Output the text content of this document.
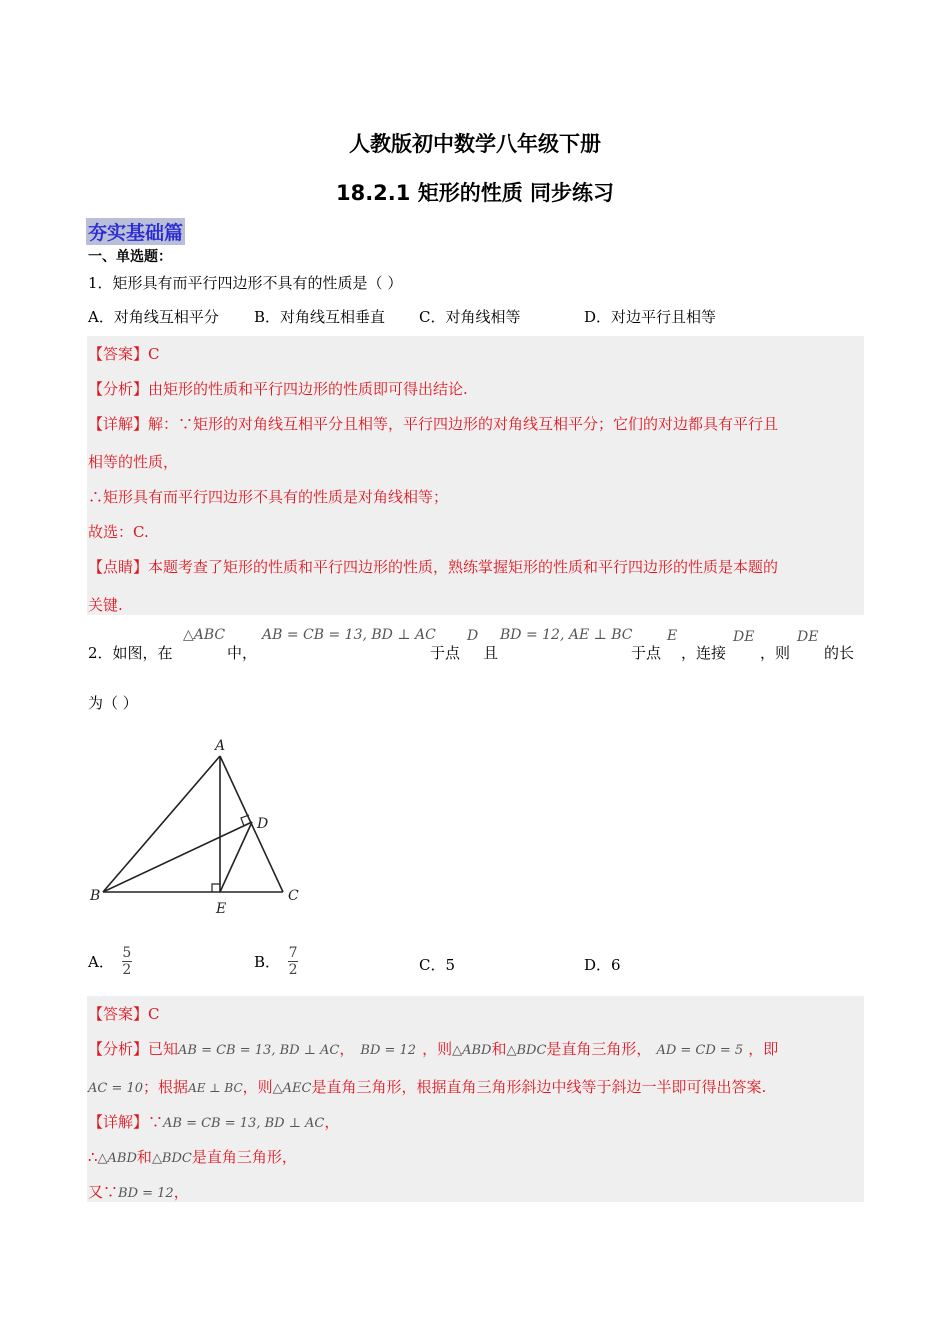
人教版初中数学八年级下册
18.2.1 矩形的性质 同步练习
夯实基础篇
一、单选题：
1．矩形具有而平行四边形不具有的性质是（ ）
A．对角线互相平分 B．对角线互相垂直 C．对角线相等	D．对边平行且相等
【答案】C
【分析】由矩形的性质和平行四边形的性质即可得出结论.
【详解】解：∵矩形的对角线互相平分且相等，平行四边形的对角线互相平分；它们的对边都具有平行且
相等的性质，
∴矩形具有而平行四边形不具有的性质是对角线相等；
故选：C.
【点睛】本题考查了矩形的性质和平行四边形的性质，熟练掌握矩形的性质和平行四边形的性质是本题的
关键.
2．如图，在
△ABC
中，
AB = CB = 13, BD ⊥ AC
于点
D
且
BD = 12, AE ⊥ BC
于点
E
，连接
DE
，则
DE
的长
为（ ）
A
D
B
E
C
A． $\frac{5}{2}$	B． $\frac{7}{2}$	C．5	D．6
【答案】C
【分析】已知AB = CB = 13, BD ⊥ AC， BD = 12 ，则△ABD和△BDC是直角三角形， AD = CD = 5 ，即
AC = 10；根据AE ⊥ BC，则△AEC是直角三角形，根据直角三角形斜边中线等于斜边一半即可得出答案.
【详解】∵AB = CB = 13, BD ⊥ AC，
∴△ABD和△BDC是直角三角形，
又∵BD = 12，
